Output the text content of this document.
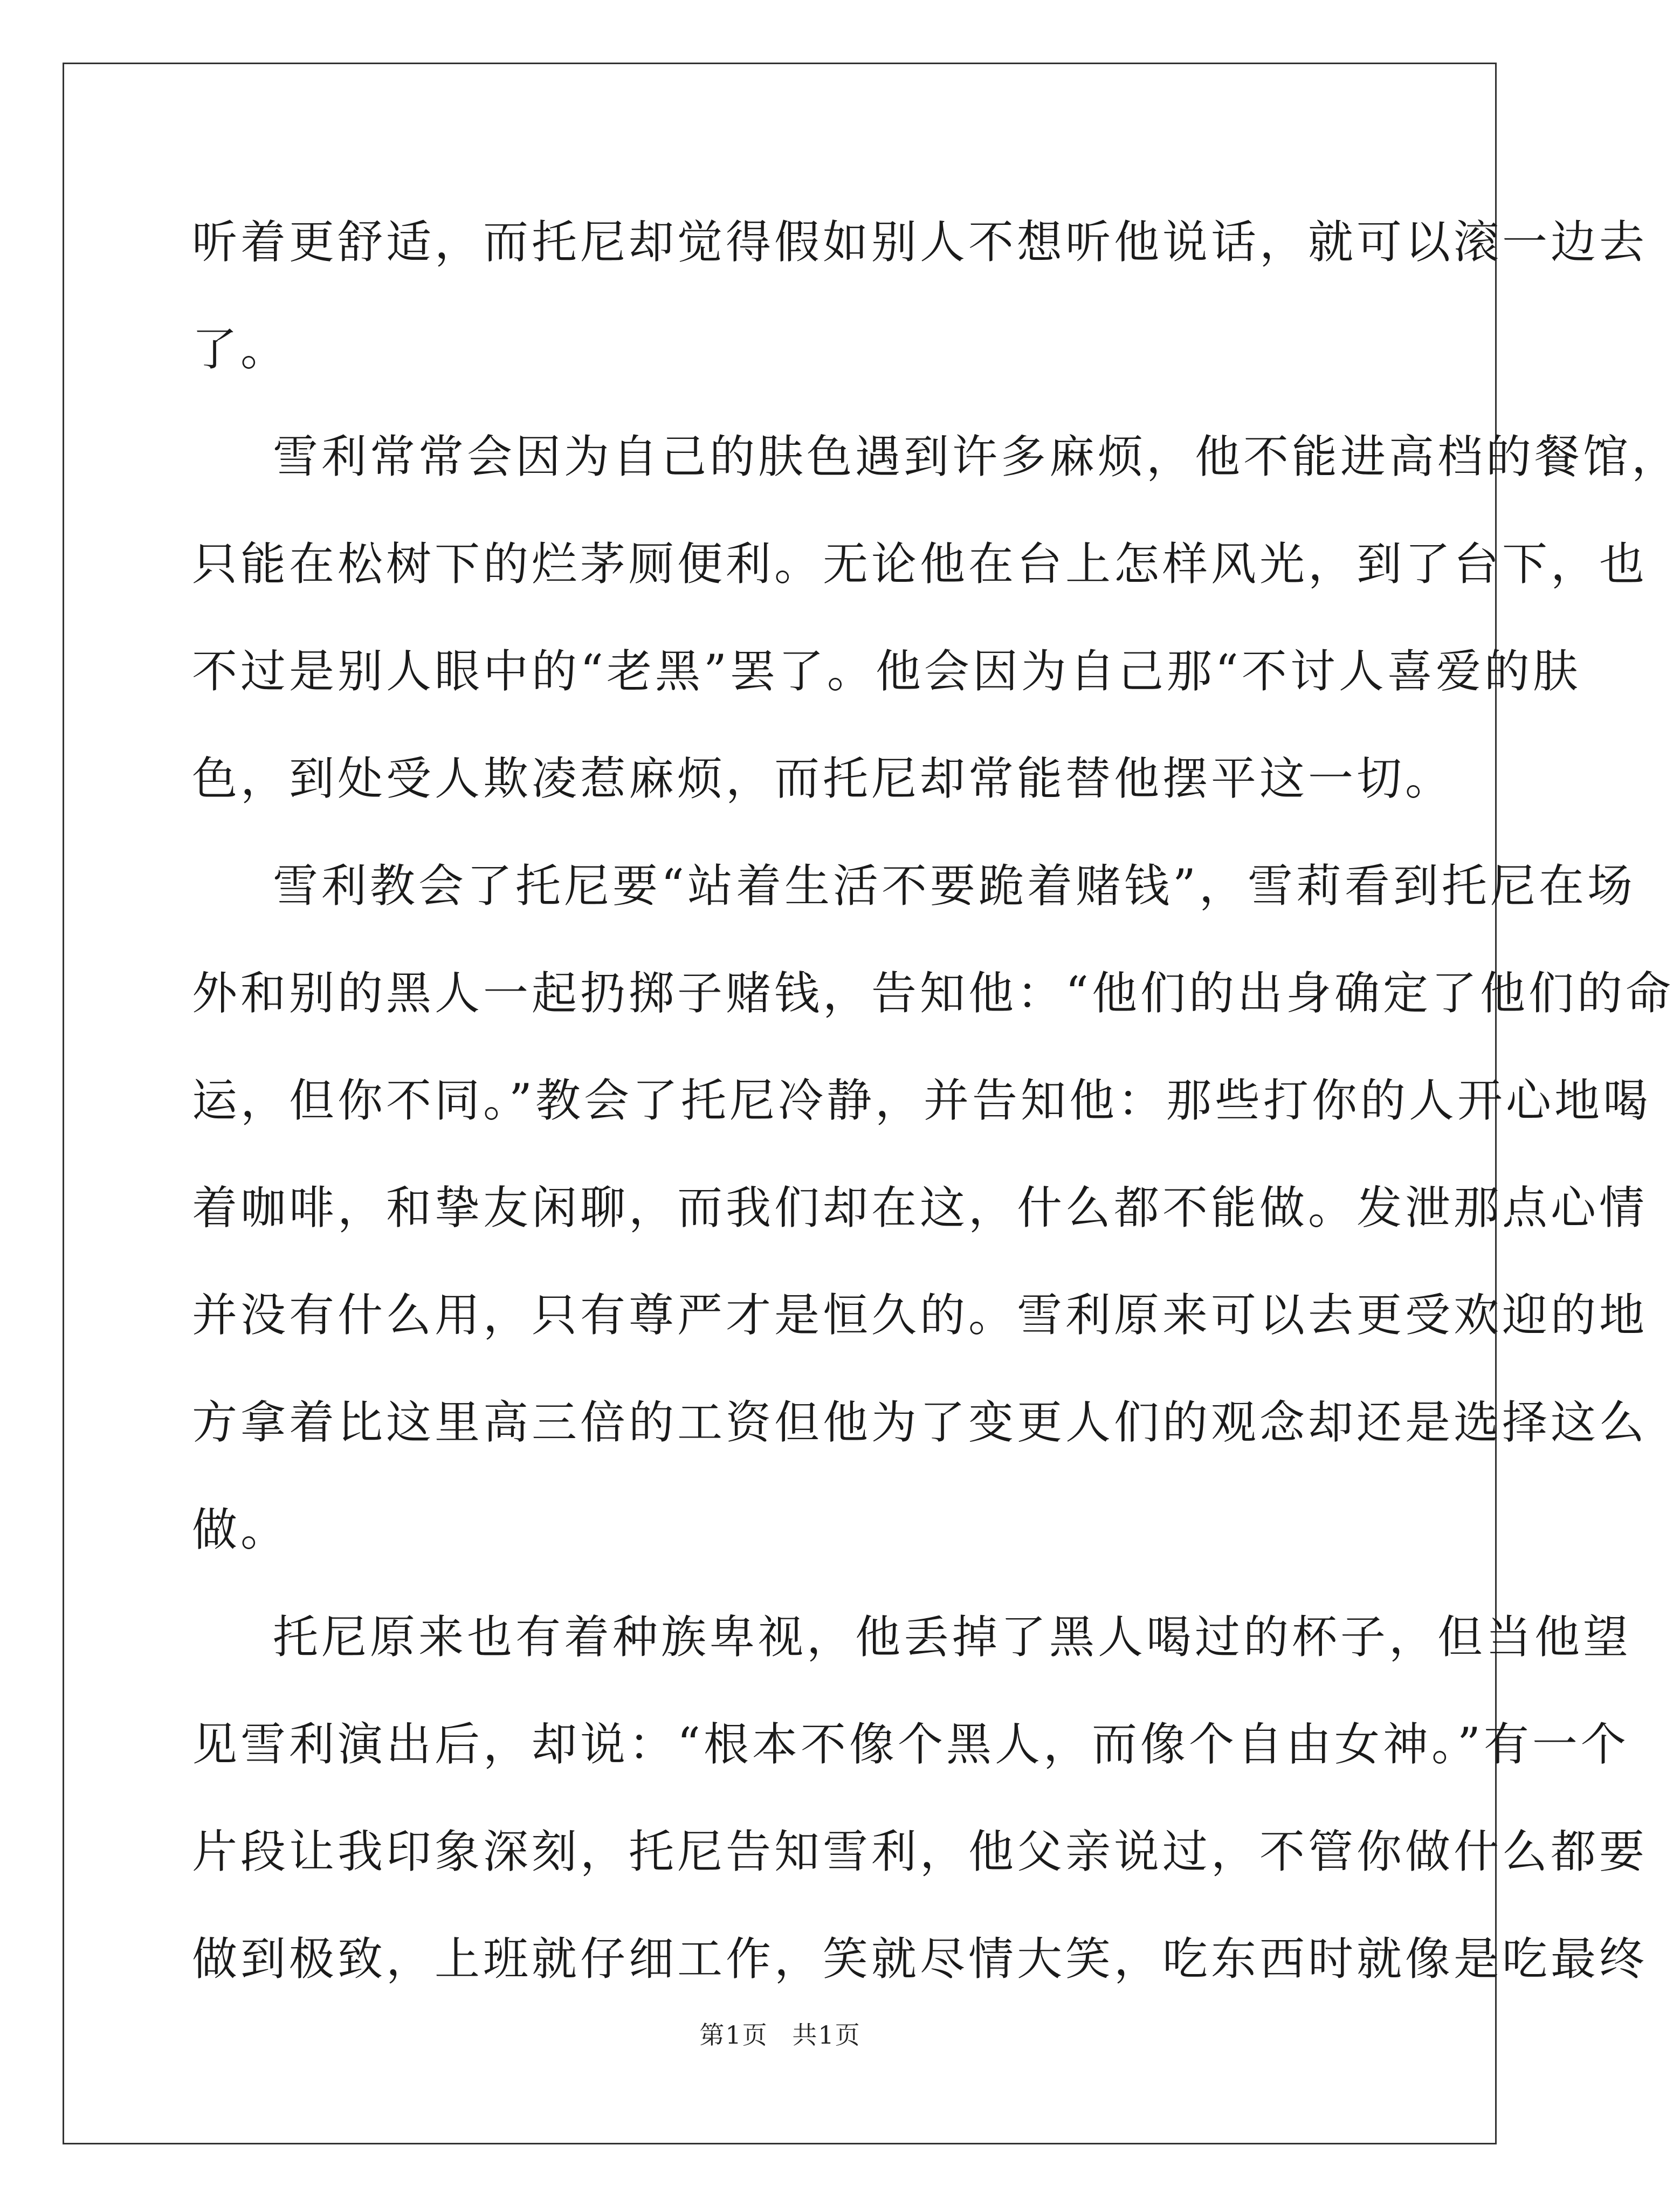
听着更舒适，而托尼却觉得假如别人不想听他说话，就可以滚一边去
了。
雪利常常会因为自己的肤色遇到许多麻烦，他不能进高档的餐馆，
只能在松树下的烂茅厕便利。无论他在台上怎样风光，到了台下，也
不过是别人眼中的“老黑”罢了。他会因为自己那“不讨人喜爱的肤
色，到处受人欺凌惹麻烦，而托尼却常能替他摆平这一切。
雪利教会了托尼要“站着生活不要跪着赌钱”，雪莉看到托尼在场
外和别的黑人一起扔掷子赌钱，告知他：“他们的出身确定了他们的命
运，但你不同。”教会了托尼冷静，并告知他：那些打你的人开心地喝
着咖啡，和挚友闲聊，而我们却在这，什么都不能做。发泄那点心情
并没有什么用，只有尊严才是恒久的。雪利原来可以去更受欢迎的地
方拿着比这里高三倍的工资但他为了变更人们的观念却还是选择这么
做。
托尼原来也有着种族卑视，他丢掉了黑人喝过的杯子，但当他望
见雪利演出后，却说：“根本不像个黑人，而像个自由女神。”有一个
片段让我印象深刻，托尼告知雪利，他父亲说过，不管你做什么都要
做到极致，上班就仔细工作，笑就尽情大笑，吃东西时就像是吃最终
第1页 共1页
